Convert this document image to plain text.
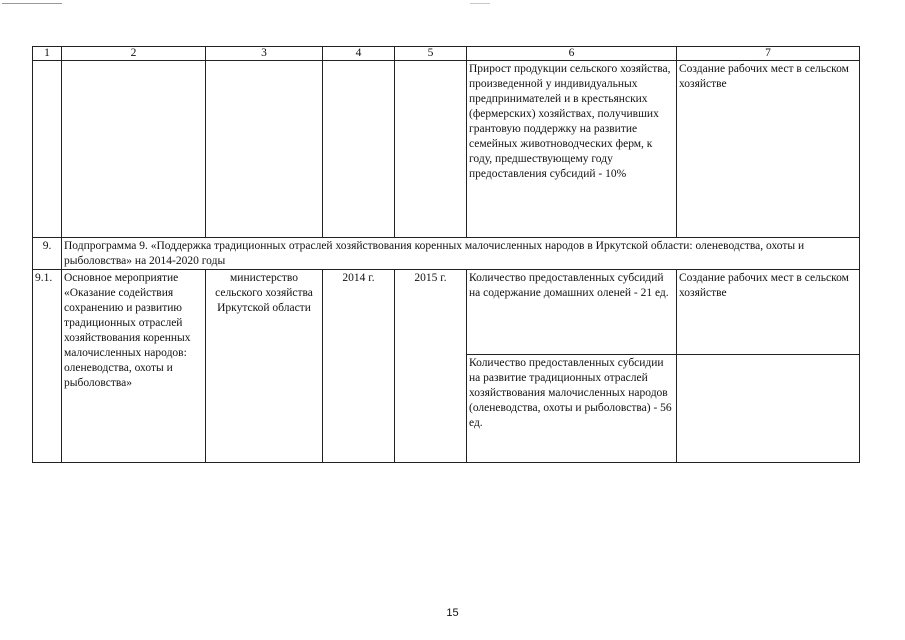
1	2	3	4	5	6	7
					Прирост продукции сельского хозяйства, произведенной у индивидуальных предпринимателей и в крестьянских (фермерских) хозяйствах, получивших грантовую поддержку на развитие семейных животноводческих ферм, к году, предшествующему году предоставления субсидий - 10%	Создание рабочих мест в сельском хозяйстве
9.	Подпрограмма 9. «Поддержка традиционных отраслей хозяйствования коренных малочисленных народов в Иркутской области: оленеводства, охоты и рыболовства» на 2014-2020 годы					
9.1.	Основное мероприятие «Оказание содействия сохранению и развитию традиционных отраслей хозяйствования коренных малочисленных народов: оленеводства, охоты и рыболовства»	министерство сельского хозяйства Иркутской области	2014 г.	2015 г.	Количество предоставленных субсидий на содержание домашних оленей - 21 ед.	Создание рабочих мест в сельском хозяйстве
					Количество предоставленных субсидии на развитие традиционных отраслей хозяйствования малочисленных народов (оленеводства, охоты и рыболовства) - 56 ед.	
15
